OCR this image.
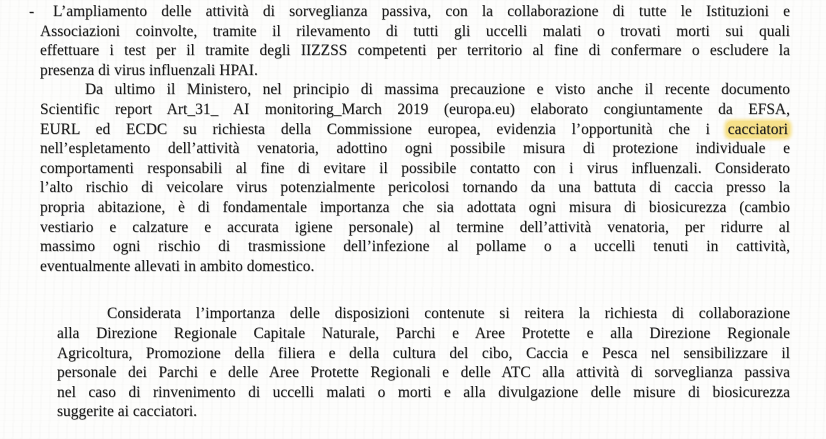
-	L’ampliamento delle attività di sorveglianza passiva, con la collaborazione di tutte le Istituzioni e
Associazioni coinvolte, tramite il rilevamento di tutti gli uccelli malati o trovati morti sui quali
effettuare i test per il tramite degli IIZZSS competenti per territorio al fine di confermare o escludere la
presenza di virus influenzali HPAI.
Da ultimo il Ministero, nel principio di massima precauzione e visto anche il recente documento
Scientific report Art_31_ AI monitoring_March 2019 (europa.eu) elaborato congiuntamente da EFSA,
EURL ed ECDC su richiesta della Commissione europea, evidenzia l’opportunità che i cacciatori
nell’espletamento dell’attività venatoria, adottino ogni possibile misura di protezione individuale e
comportamenti responsabili al fine di evitare il possibile contatto con i virus influenzali. Considerato
l’alto rischio di veicolare virus potenzialmente pericolosi tornando da una battuta di caccia presso la
propria abitazione, è di fondamentale importanza che sia adottata ogni misura di biosicurezza (cambio
vestiario e calzature e accurata igiene personale) al termine dell’attività venatoria, per ridurre al
massimo ogni rischio di trasmissione dell’infezione al pollame o a uccelli tenuti in cattività,
eventualmente allevati in ambito domestico.
Considerata l’importanza delle disposizioni contenute si reitera la richiesta di collaborazione
alla Direzione Regionale Capitale Naturale, Parchi e Aree Protette e alla Direzione Regionale
Agricoltura, Promozione della filiera e della cultura del cibo, Caccia e Pesca nel sensibilizzare il
personale dei Parchi e delle Aree Protette Regionali e delle ATC alla attività di sorveglianza passiva
nel caso di rinvenimento di uccelli malati o morti e alla divulgazione delle misure di biosicurezza
suggerite ai cacciatori.
